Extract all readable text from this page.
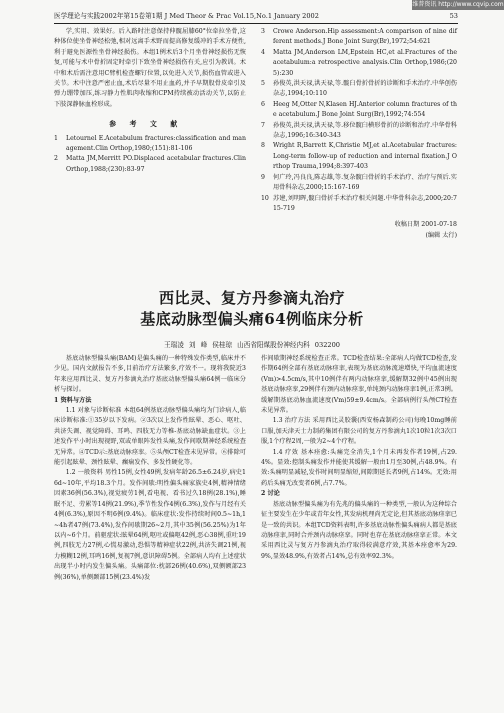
维普资讯 http://www.cqvip.com
医学理论与实践2002年第15卷第1期 J Med Theor & Prac Vol.15,No.1 January 2002	53

学,实用、效果好。后入路时注意保持伸髋屈膝60°位牵拉坐骨,这种体位使坐骨神经松弛,相对远离手术野而提高修复缓冲的手术方便性,利于避免医源性坐骨神经损伤。本组1例术后3个月坐骨神经损伤无恢复,可能与术中骨折固定时牵引下致坐骨神经损伤有关,应引为教训。术中和术后需注意用C臂机检查螺钉位置,以免进入关节,损伤血管或进入关节。术中注意严密止血,术后尽量不用止血药,并予早期股骨皮牵引及弹力绷带加压,练习静力性肌肉收缩和CPM持续被动活动关节,以防止下肢深静脉血栓形成。

参考文献
1	Letournel E.Acetabulum fractures:classification and management.Clin Orthop,1980;(151):81-106
2	Matta JM,Merritt PO.Displaced acetabular fractures.Clin Orthop,1988;(230):83-97
3	Crowe Anderson.Hip assessment:A comparison of nine different methods.J Bone Joint Surg(Br),1972;54:621
4	Matta JM,Anderson LM,Epstein HC,et al.Fractures of the acetabulum:a retrospective analysis.Clin Orthop,1986;(205):230
5	孙俊英,洪天禄,洪天禄,等.髋臼骨折骨折的诊断和手术治疗.中华创伤杂志,1994;10:110
6	Heeg M,Otter N,Klasen HJ.Anterior column fractures of the acetabulum.J Bone Joint Surg(Br),1992;74:554
7	孙俊英,洪天禄,洪天禄,等.移位髋臼横形骨折的诊断和治疗.中华骨科杂志,1996;16:340-343
8	Wright R,Barrett K,Christie MJ,et al.Acetabular fractures:Long-term follow-up of reduction and internal fixation.J Orthop Trauma,1994;8:397-403
9	何广玲,冯良良,陈志雄,等.复杂髋臼骨折的手术治疗、治疗与预后.实用骨科杂志,2000;15:167-169
10 苏建,刘明晖,髋臼骨折手术治疗相关问题.中华骨科杂志,2000;20:715-719
收稿日期 2001-07-18
(编辑 太行)
西比灵、复方丹参滴丸治疗
基底动脉型偏头痛64例临床分析
王瑞凌 刘 峰 侯桂琼 山西省阳煤股份神经内科 032200

基底动脉型偏头痛(BAM)是偏头痛的一种特殊发作类型,临床并不少见。国内文献报告不多,目前治疗方法繁多,疗效不一。现将我院近3年来应用西比灵、复方丹参滴丸治疗基底动脉型偏头痛64例一临床分析与探讨。

1 资料与方法

1.1 对象与诊断标准 本组64例基底动脉型偏头痛均为门诊病人,临床诊断标准:①35岁以下发病。②3次以上发作性眩晕、恶心、呕吐、共济失调、视觉障碍、耳鸣、四肢无力等椎-基底动脉缺血症状。③上述发作平小时出现视野,双或单眼阵发性头痛,发作间歇期神经系统检查无异常。④TCD示:基底动脉痉挛。⑤头颅CT检查未见异常。⑥排除可能引起眩晕、颈性眩晕、癫痫发作、多发性硬化等。

1.2 一般资料 男性15例,女性49例,发病年龄26.5±6.24岁,病史16d~10年,平均18.3个月。发作间歇:明性偏头痛家族史4例,精神情绪因素36例(56.3%),视觉疲劳1例,看电视、看书过久18例(28.1%),睡眠不足、劳累等14例(21.9%),季节性发作4例(6.3%),发作与月经有关4例(6.3%),原因不明6例(9.4%)。临床症状:发作持续时间0.5~1h,1~4h者47例(73.4%),发作间歇期26~2月,其中35例(56.25%)为1年以内~6个月。前驱症状:眩晕64例,呕吐或偏呕42例,恶心38例,重吐19例,四肢无力27例,心慌易激动,恐惧等精神症状22例,共济失调21例,视力模糊12例,耳鸣16例,复视7例,意识障碍5例。全部病人均有上述症状出现半小时内发生偏头痛。头痛部位:枕部26例(40.6%),双侧额部23例(36%),单侧颞部15例(23.4%)发

作间歇期神经系统检查正常。TCD检查结果:全部病人均做TCD检查,发作期64例全部有基底动脉痉挛,表现为基底动脉流速增快,平均血流速度(Vm)>4.5cm/s,其中10例伴有两内动脉痉挛,缓解期32例中45例出现基底动脉痉挛,29例伴有颈内动脉痉挛,单纯颈内动脉痉挛1例,正常3例。缓解期基底动脉血流速度(Vm)59±9.4cm/s。全部病例行头颅CT检查未见异常。

1.3 治疗方法 采用西比灵胶囊(西安杨森制药公司)每晚10mg睡前口服,加天津天士力制药集团有限公司的复方丹参滴丸1次10粒1次3次口服,1个疗程2周,一般为2~4个疗程。

1.4 疗效 基本痊愈:头痛完全消失,1个月未再发作者19例,占29.4%。显效:控制头痛发作并能使其缓解一般由1月至30例,占48.9%。有效:头痛明显减轻,发作时间明显缩短,间隙期延长者9例,占14%。无效:用药后头痛无改变者6例,占7.7%。

2 讨论

基底动脉型偏头痛为有先兆的偏头痛的一种类型,一般认为这种综合征主要发生在少年或青年女性,其发病机理尚无定论,但其基底动脉痉挛已是一致的共识。本组TCD资料表明,许多基底动脉性偏头痛病人都是基底动脉痉挛,同时合并颈内动脉痉挛。同时也存在基底动脉痉挛正常。本文采用西比灵与复方丹参滴丸治疗取得较满意疗效,其基本痊愈率为29.9%,显效48.9%,有效者占14%,总有效率92.3%。
